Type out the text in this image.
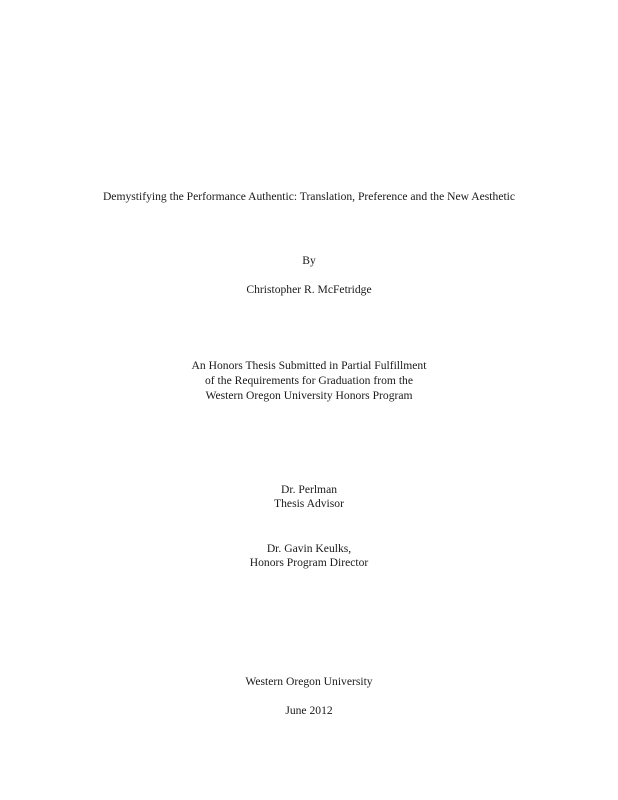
Demystifying the Performance Authentic: Translation, Preference and the New Aesthetic
By
Christopher R. McFetridge
An Honors Thesis Submitted in Partial Fulfillment
of the Requirements for Graduation from the
Western Oregon University Honors Program
Dr. Perlman
Thesis Advisor
Dr. Gavin Keulks,
Honors Program Director
Western Oregon University
June 2012
